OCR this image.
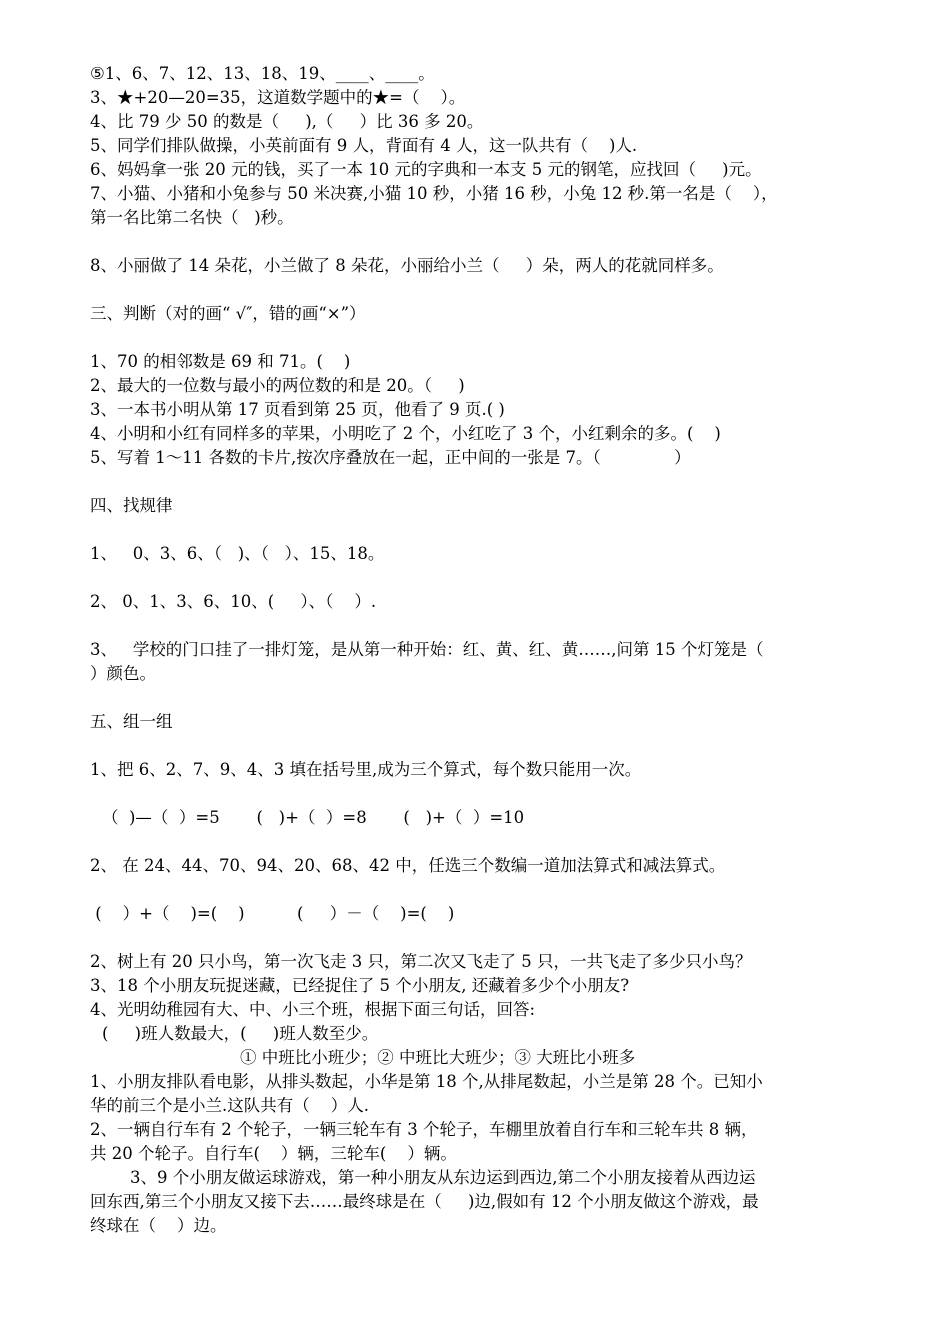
⑤1、6、7、12、13、18、19、____、____。

3、★+20—20=35，这道数学题中的★=（    ）。

4、比 79 少 50 的数是（     ),（     ）比 36 多 20。

5、同学们排队做操，小英前面有 9 人，背面有 4 人，这一队共有（    )人.

6、妈妈拿一张 20 元的钱，买了一本 10 元的字典和一本支 5 元的钢笔，应找回（     )元。

7、小猫、小猪和小兔参与 50 米决赛,小猫 10 秒，小猪 16 秒，小兔 12 秒.第一名是（    ），

第一名比第二名快（   )秒。

8、小丽做了 14 朵花，小兰做了 8 朵花，小丽给小兰（     ）朵，两人的花就同样多。

三、判断（对的画“ √″，错的画“×”）

1、70 的相邻数是 69 和 71。(    )

2、最大的一位数与最小的两位数的和是 20。（     )

3、一本书小明从第 17 页看到第 25 页，他看了 9 页.( )

4、小明和小红有同样多的苹果，小明吃了 2 个，小红吃了 3 个，小红剩余的多。(    )

5、写着 1～11 各数的卡片,按次序叠放在一起，正中间的一张是 7。（              ）

四、找规律

1、   0、3、6、（   )、（   ）、15、18。

2、 0、1、3、6、10、(     ）、（    ）.

3、   学校的门口挂了一排灯笼，是从第一种开始：红、黄、红、黄……,问第 15 个灯笼是（

）颜色。

五、组一组

1、把 6、2、7、9、4、3 填在括号里,成为三个算式，每个数只能用一次。

（  )—（  ）=5       (   )+（  ）=8       (   )+（  ）=10

2、 在 24、44、70、94、20、68、42 中，任选三个数编一道加法算式和减法算式。

(    ）+（    )=(    )          (     ）－（    )=(    )

2、树上有 20 只小鸟，第一次飞走 3 只，第二次又飞走了 5 只，一共飞走了多少只小鸟？

3、18 个小朋友玩捉迷藏，已经捉住了 5 个小朋友, 还藏着多少个小朋友?

4、光明幼稚园有大、中、小三个班，根据下面三句话，回答:

(     )班人数最大，(     )班人数至少。

① 中班比小班少；② 中班比大班少；③ 大班比小班多

1、小朋友排队看电影，从排头数起，小华是第 18 个,从排尾数起，小兰是第 28 个。已知小

华的前三个是小兰.这队共有（    ）人.

2、一辆自行车有 2 个轮子，一辆三轮车有 3 个轮子，车棚里放着自行车和三轮车共 8 辆，

共 20 个轮子。自行车(    ）辆，三轮车(    ）辆。

3、9 个小朋友做运球游戏，第一种小朋友从东边运到西边,第二个小朋友接着从西边运

回东西,第三个小朋友又接下去……最终球是在（     )边,假如有 12 个小朋友做这个游戏，最

终球在（    ）边。
